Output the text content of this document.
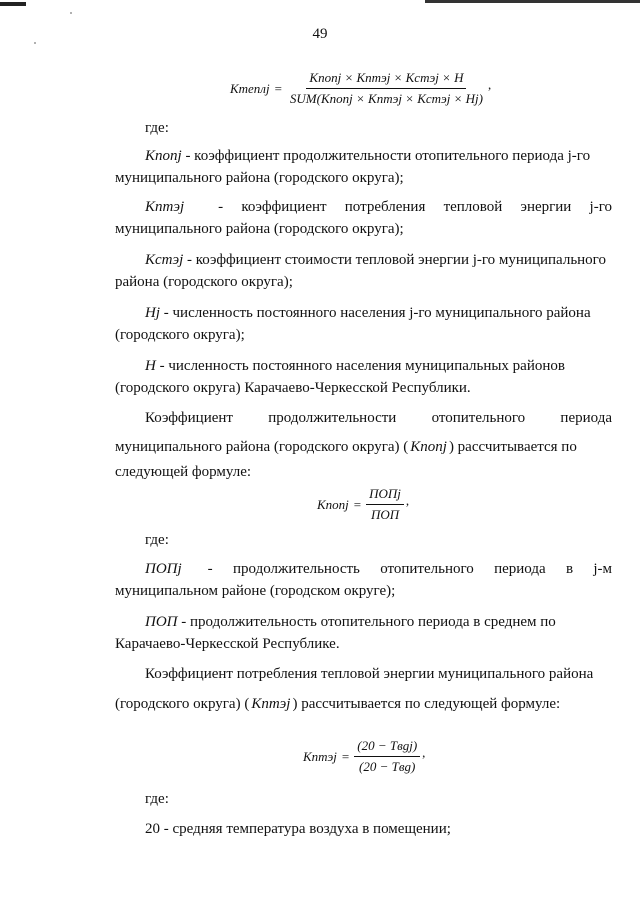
49
Ктеплj = $\frac{\text{Kпопj × Kптэj × Kстэj × H}}{\text{SUM(Kпопj × Kптэj × Kстэj × Hj)}}$ ,
где:
Kпопj - коэффициент продолжительности отопительного периода j-го
муниципального района (городского округа);
Kптэj - коэффициент потребления тепловой энергии j-го
муниципального района (городского округа);
Kстэj - коэффициент стоимости тепловой энергии j-го муниципального
района (городского округа);
Hj - численность постоянного населения j-го муниципального района
(городского округа);
H - численность постоянного населения муниципальных районов
(городского округа) Карачаево-Черкесской Республики.
Коэффициент продолжительности отопительного периода
муниципального района (городского округа) ( Kпопj ) рассчитывается по
следующей формуле:
Kпопj = $\frac{\text{ПОПj}}{\text{ПОП}}$ ,
где:
ПОПj - продолжительность отопительного периода в j-м
муниципальном районе (городском округе);
ПОП - продолжительность отопительного периода в среднем по
Карачаево-Черкесской Республике.
Коэффициент потребления тепловой энергии муниципального района
(городского округа) ( Kптэj ) рассчитывается по следующей формуле:
Kптэj = $\frac{\text{(20 − Tвgj)}}{\text{(20 − Tвg)}}$ ,
где:
20 - средняя температура воздуха в помещении;
